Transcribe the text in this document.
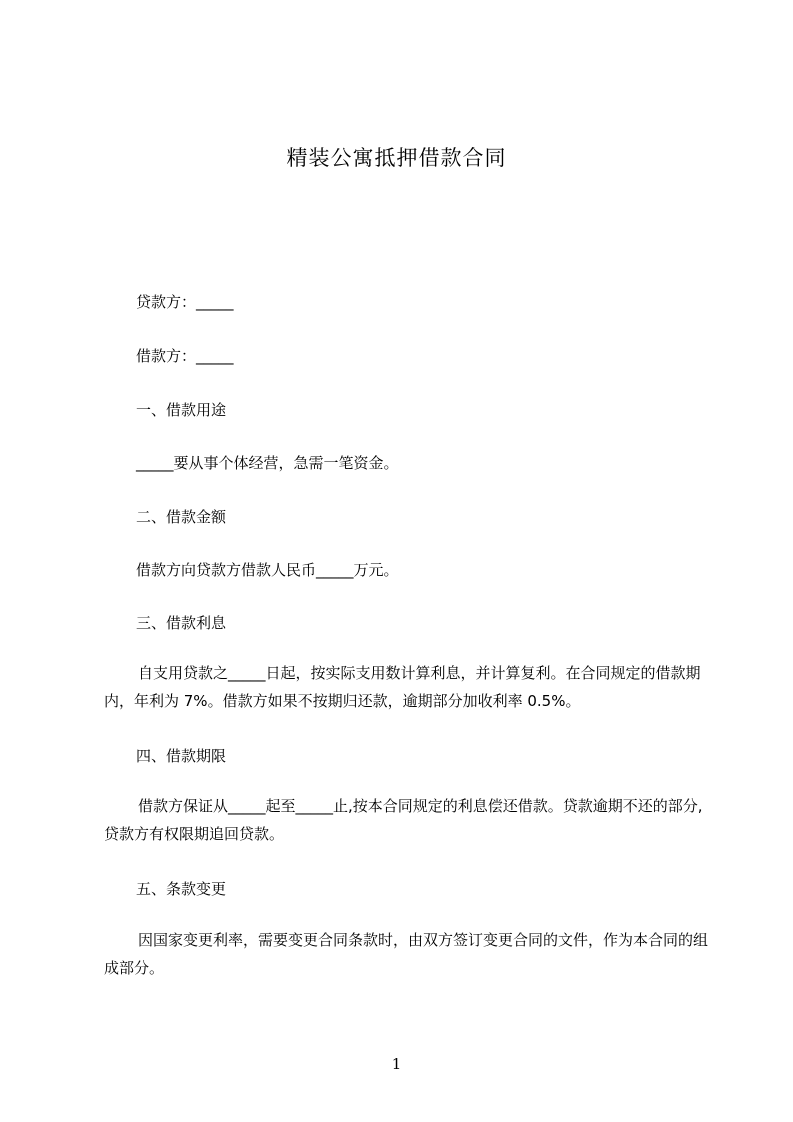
精装公寓抵押借款合同
贷款方：_____
借款方：_____
一、借款用途
_____要从事个体经营，急需一笔资金。
二、借款金额
借款方向贷款方借款人民币_____万元。
三、借款利息
自支用贷款之_____日起，按实际支用数计算利息，并计算复利。在合同规定的借款期内，年利为 7%。借款方如果不按期归还款，逾期部分加收利率 0.5%。
四、借款期限
借款方保证从_____起至_____止,按本合同规定的利息偿还借款。贷款逾期不还的部分,贷款方有权限期追回贷款。
五、条款变更
因国家变更利率，需要变更合同条款时，由双方签订变更合同的文件，作为本合同的组成部分。
1
